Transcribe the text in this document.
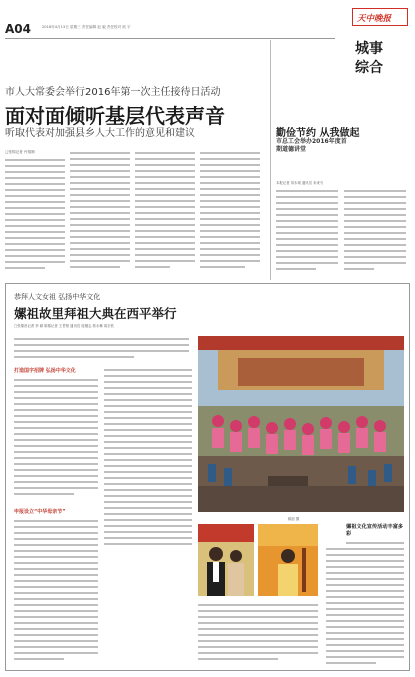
A04	2016年4月13日 星期三 责任编辑 赵 毅 责任校对 欧 宇
天中晚报
城事综合
市人大常委会举行2016年第一次主任接待日活动
面对面倾听基层代表声音
听取代表对加强县乡人大工作的意见和建议
□张棉记者 丹翔制
勤俭节约 从我做起
市总工会举办2016年度首期道德讲堂
本报记者 刘永城 通讯员 米来刃
恭拜人文女祖 弘扬中华文化
嫘祖故里拜祖大典在西平举行
□张棉晋记者 李 颖 陈棉记者 王君格 通讯员 庞楷志 郭永琳 周宏钦
打造国字招牌 弘扬中华文化
申报设立“中华母亲节”
顾浪 摄
嫘祖文化宣传活动丰富多彩
